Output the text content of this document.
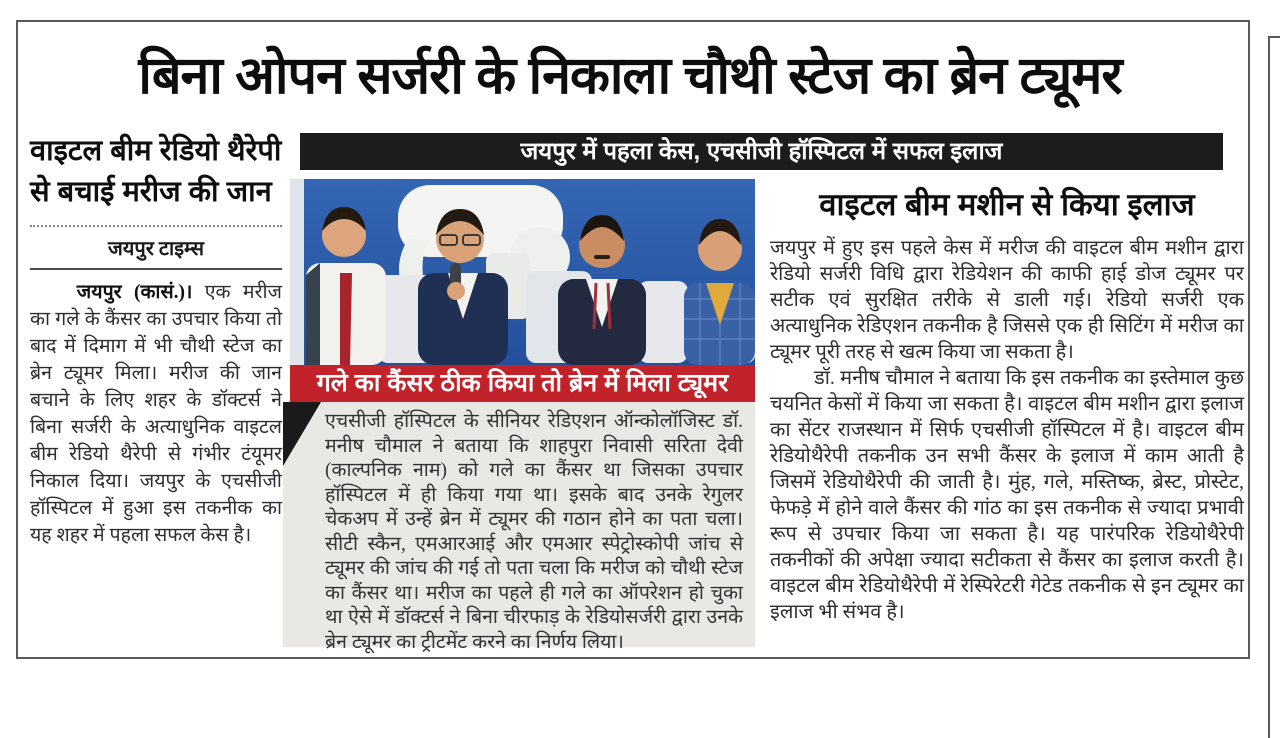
बिना ओपन सर्जरी के निकाला चौथी स्टेज का ब्रेन ट्यूमर
जयपुर में पहला केस, एचसीजी हॉस्पिटल में सफल इलाज
वाइटल बीम रेडियो थैरेपी से बचाई मरीज की जान
जयपुर टाइम्स
जयपुर (कासं.)। एक मरीज का गले के कैंसर का उपचार किया तो बाद में दिमाग में भी चौथी स्टेज का ब्रेन ट्यूमर मिला। मरीज की जान बचाने के लिए शहर के डॉक्टर्स ने बिना सर्जरी के अत्याधुनिक वाइटल बीम रेडियो थैरेपी से गंभीर टंयूमर निकाल दिया। जयपुर के एचसीजी हॉस्पिटल में हुआ इस तकनीक का यह शहर में पहला सफल केस है।
गले का कैंसर ठीक किया तो ब्रेन में मिला ट्यूमर
एचसीजी हॉस्पिटल के सीनियर रेडिएशन ऑन्कोलॉजिस्ट डॉ. मनीष चौमाल ने बताया कि शाहपुरा निवासी सरिता देवी (काल्पनिक नाम) को गले का कैंसर था जिसका उपचार हॉस्पिटल में ही किया गया था। इसके बाद उनके रेगुलर चेकअप में उन्हें ब्रेन में ट्यूमर की गठान होने का पता चला। सीटी स्कैन, एमआरआई और एमआर स्पेट्रोस्कोपी जांच से ट्यूमर की जांच की गई तो पता चला कि मरीज को चौथी स्टेज का कैंसर था। मरीज का पहले ही गले का ऑपरेशन हो चुका था ऐसे में डॉक्टर्स ने बिना चीरफाड़ के रेडियोसर्जरी द्वारा उनके ब्रेन ट्यूमर का ट्रीटमेंट करने का निर्णय लिया।
वाइटल बीम मशीन से किया इलाज

जयपुर में हुए इस पहले केस में मरीज की वाइटल बीम मशीन द्वारा रेडियो सर्जरी विधि द्वारा रेडियेशन की काफी हाई डोज ट्यूमर पर सटीक एवं सुरक्षित तरीके से डाली गई। रेडियो सर्जरी एक अत्याधुनिक रेडिएशन तकनीक है जिससे एक ही सिटिंग में मरीज का ट्यूमर पूरी तरह से खत्म किया जा सकता है।

डॉ. मनीष चौमाल ने बताया कि इस तकनीक का इस्तेमाल कुछ चयनित केसों में किया जा सकता है। वाइटल बीम मशीन द्वारा इलाज का सेंटर राजस्थान में सिर्फ एचसीजी हॉस्पिटल में है। वाइटल बीम रेडियोथैरेपी तकनीक उन सभी कैंसर के इलाज में काम आती है जिसमें रेडियोथैरेपी की जाती है। मुंह, गले, मस्तिष्क, ब्रेस्ट, प्रोस्टेट, फेफड़े में होने वाले कैंसर की गांठ का इस तकनीक से ज्यादा प्रभावी रूप से उपचार किया जा सकता है। यह पारंपरिक रेडियोथैरेपी तकनीकों की अपेक्षा ज्यादा सटीकता से कैंसर का इलाज करती है। वाइटल बीम रेडियोथैरेपी में रेस्पिरेटरी गेटेड तकनीक से इन ट्यूमर का इलाज भी संभव है।
